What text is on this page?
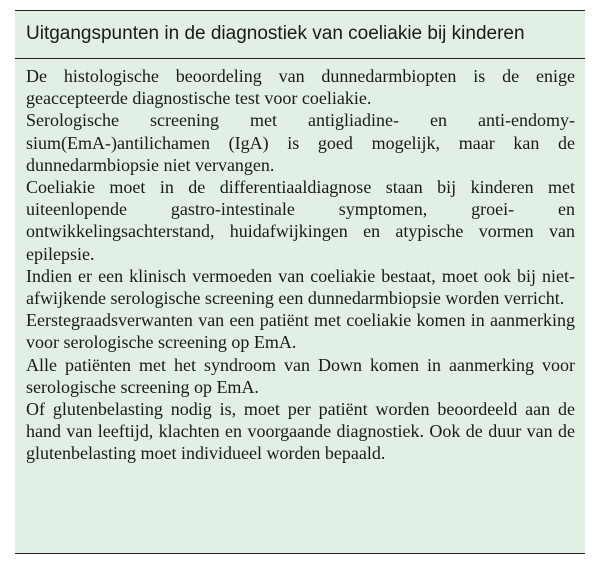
Uitgangspunten in de diagnostiek van coeliakie bij kinderen

De histologische beoordeling van dunnedarmbiopten is de enige geaccepteerde diagnostische test voor coeliakie.

Serologische screening met antigliadine- en anti-endomysium(EmA-)antilichamen (IgA) is goed mogelijk, maar kan de dunnedarmbiopsie niet vervangen.

Coeliakie moet in de differentiaaldiagnose staan bij kinderen met uiteenlopende gastro-intestinale symptomen, groei- en ontwikkelingsachterstand, huidafwijkingen en atypische vormen van epilepsie.

Indien er een klinisch vermoeden van coeliakie bestaat, moet ook bij niet-afwijkende serologische screening een dunnedarmbiopsie worden verricht.

Eerstegraadsverwanten van een patiënt met coeliakie komen in aanmerking voor serologische screening op EmA.

Alle patiënten met het syndroom van Down komen in aanmerking voor serologische screening op EmA.

Of glutenbelasting nodig is, moet per patiënt worden beoordeeld aan de hand van leeftijd, klachten en voorgaande diagnostiek. Ook de duur van de glutenbelasting moet individueel worden bepaald.
